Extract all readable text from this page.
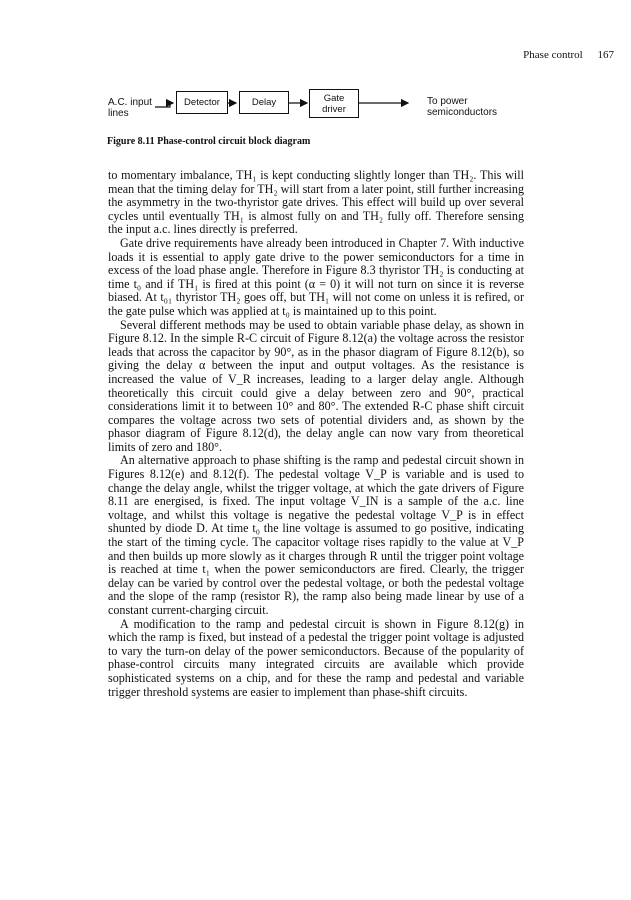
Phase control 167
A.C. input
lines
Detector	Delay	Gate
driver
To power
semiconductors
Figure 8.11 Phase-control circuit block diagram

to momentary imbalance, TH₁ is kept conducting slightly longer than TH₂. This will mean that the timing delay for TH₂ will start from a later point, still further increasing the asymmetry in the two-thyristor gate drives. This effect will build up over several cycles until eventually TH₁ is almost fully on and TH₂ fully off. Therefore sensing the input a.c. lines directly is preferred.

Gate drive requirements have already been introduced in Chapter 7. With inductive loads it is essential to apply gate drive to the power semiconductors for a time in excess of the load phase angle. Therefore in Figure 8.3 thyristor TH₂ is conducting at time t₀ and if TH₁ is fired at this point (α = 0) it will not turn on since it is reverse biased. At t₀₁ thyristor TH₂ goes off, but TH₁ will not come on unless it is refired, or the gate pulse which was applied at t₀ is maintained up to this point.

Several different methods may be used to obtain variable phase delay, as shown in Figure 8.12. In the simple R-C circuit of Figure 8.12(a) the voltage across the resistor leads that across the capacitor by 90°, as in the phasor diagram of Figure 8.12(b), so giving the delay α between the input and output voltages. As the resistance is increased the value of V_R increases, leading to a larger delay angle. Although theoretically this circuit could give a delay between zero and 90°, practical considerations limit it to between 10° and 80°. The extended R-C phase shift circuit compares the voltage across two sets of potential dividers and, as shown by the phasor diagram of Figure 8.12(d), the delay angle can now vary from theoretical limits of zero and 180°.

An alternative approach to phase shifting is the ramp and pedestal circuit shown in Figures 8.12(e) and 8.12(f). The pedestal voltage V_P is variable and is used to change the delay angle, whilst the trigger voltage, at which the gate drivers of Figure 8.11 are energised, is fixed. The input voltage V_IN is a sample of the a.c. line voltage, and whilst this voltage is negative the pedestal voltage V_P is in effect shunted by diode D. At time t₀ the line voltage is assumed to go positive, indicating the start of the timing cycle. The capacitor voltage rises rapidly to the value at V_P and then builds up more slowly as it charges through R until the trigger point voltage is reached at time t₁ when the power semiconductors are fired. Clearly, the trigger delay can be varied by control over the pedestal voltage, or both the pedestal voltage and the slope of the ramp (resistor R), the ramp also being made linear by use of a constant current-charging circuit.

A modification to the ramp and pedestal circuit is shown in Figure 8.12(g) in which the ramp is fixed, but instead of a pedestal the trigger point voltage is adjusted to vary the turn-on delay of the power semiconductors. Because of the popularity of phase-control circuits many integrated circuits are available which provide sophisticated systems on a chip, and for these the ramp and pedestal and variable trigger threshold systems are easier to implement than phase-shift circuits.
